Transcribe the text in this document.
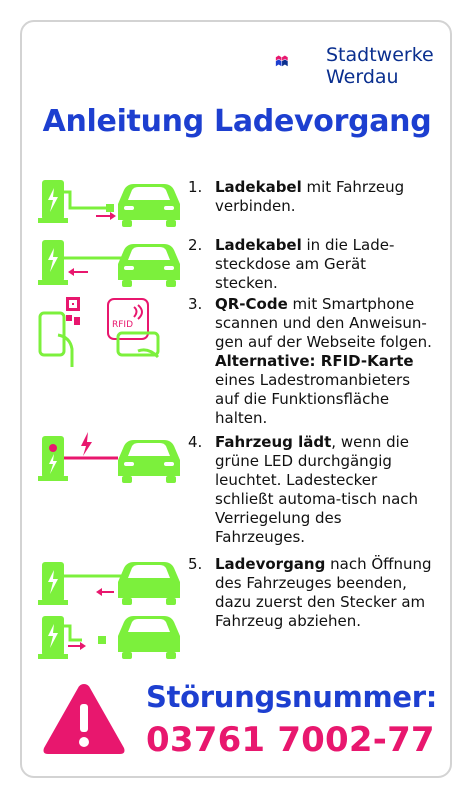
Stadtwerke
Werdau
Anleitung Ladevorgang
RFID
1. Ladekabel mit Fahrzeug verbinden.
2. Ladekabel in die Lade-steckdose am Gerät stecken.
3. QR-Code mit Smartphone scannen und den Anweisun-gen auf der Webseite folgen. Alternative: RFID-Karte eines Ladestromanbieters auf die Funktionsfläche halten.
4. Fahrzeug lädt, wenn die grüne LED durchgängig leuchtet. Ladestecker schließt automa-tisch nach Verriegelung des Fahrzeuges.
5. Ladevorgang nach Öffnung des Fahrzeuges beenden, dazu zuerst den Stecker am Fahrzeug abziehen.
Störungsnummer:
03761 7002-77
